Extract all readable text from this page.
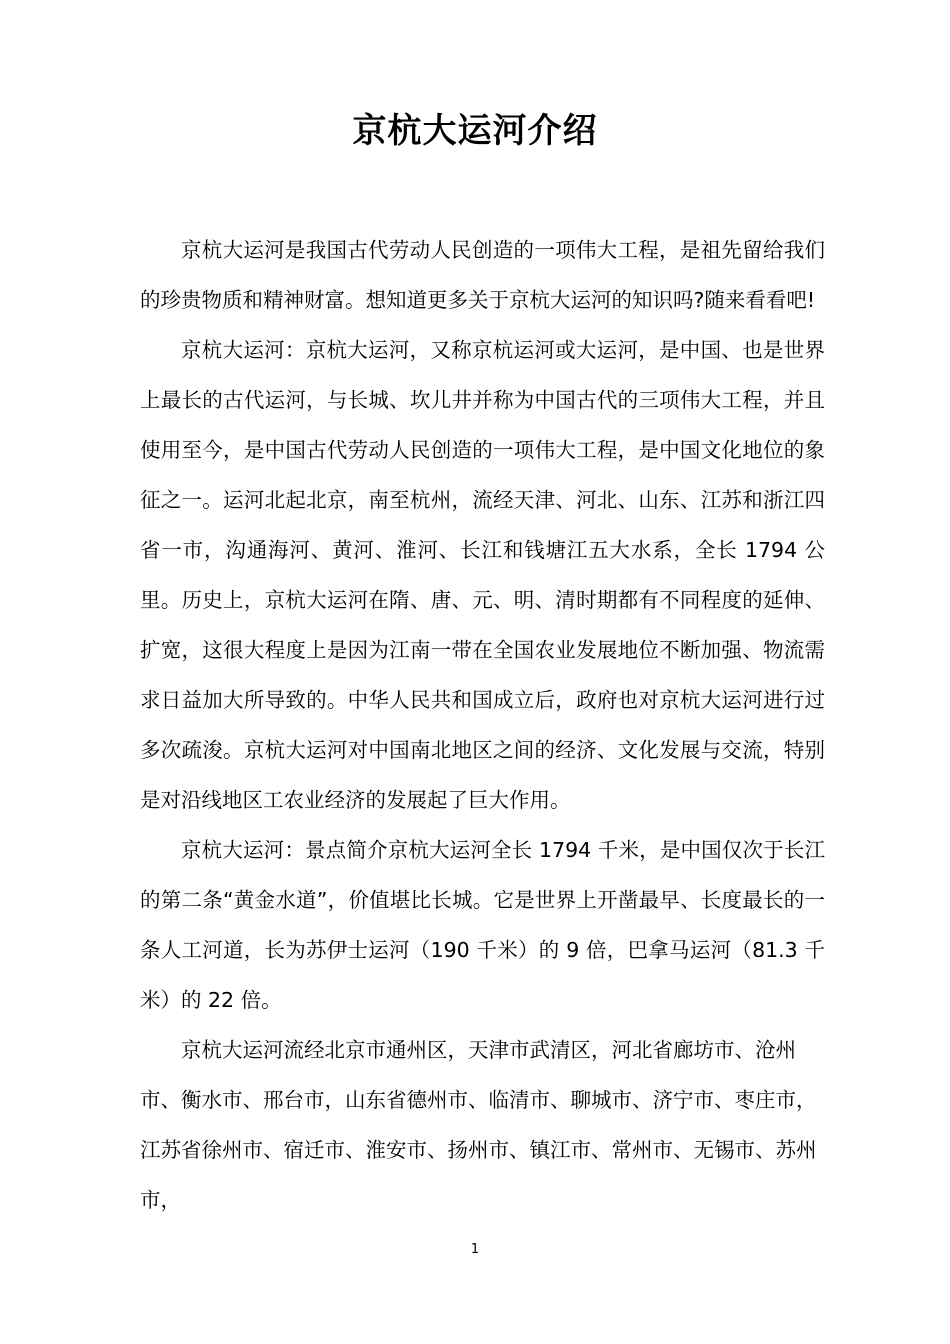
京杭大运河介绍

京杭大运河是我国古代劳动人民创造的一项伟大工程，是祖先留给我们的珍贵物质和精神财富。想知道更多关于京杭大运河的知识吗?随来看看吧!

京杭大运河：京杭大运河，又称京杭运河或大运河，是中国、也是世界上最长的古代运河，与长城、坎儿井并称为中国古代的三项伟大工程，并且使用至今，是中国古代劳动人民创造的一项伟大工程，是中国文化地位的象征之一。运河北起北京，南至杭州，流经天津、河北、山东、江苏和浙江四省一市，沟通海河、黄河、淮河、长江和钱塘江五大水系，全长 1794 公里。历史上，京杭大运河在隋、唐、元、明、清时期都有不同程度的延伸、扩宽，这很大程度上是因为江南一带在全国农业发展地位不断加强、物流需求日益加大所导致的。中华人民共和国成立后，政府也对京杭大运河进行过多次疏浚。京杭大运河对中国南北地区之间的经济、文化发展与交流，特别是对沿线地区工农业经济的发展起了巨大作用。

京杭大运河：景点简介京杭大运河全长 1794 千米，是中国仅次于长江的第二条“黄金水道”，价值堪比长城。它是世界上开凿最早、长度最长的一条人工河道，长为苏伊士运河（190 千米）的 9 倍，巴拿马运河（81.3 千米）的 22 倍。

京杭大运河流经北京市通州区，天津市武清区，河北省廊坊市、沧州市、衡水市、邢台市，山东省德州市、临清市、聊城市、济宁市、枣庄市，江苏省徐州市、宿迁市、淮安市、扬州市、镇江市、常州市、无锡市、苏州市，

1
